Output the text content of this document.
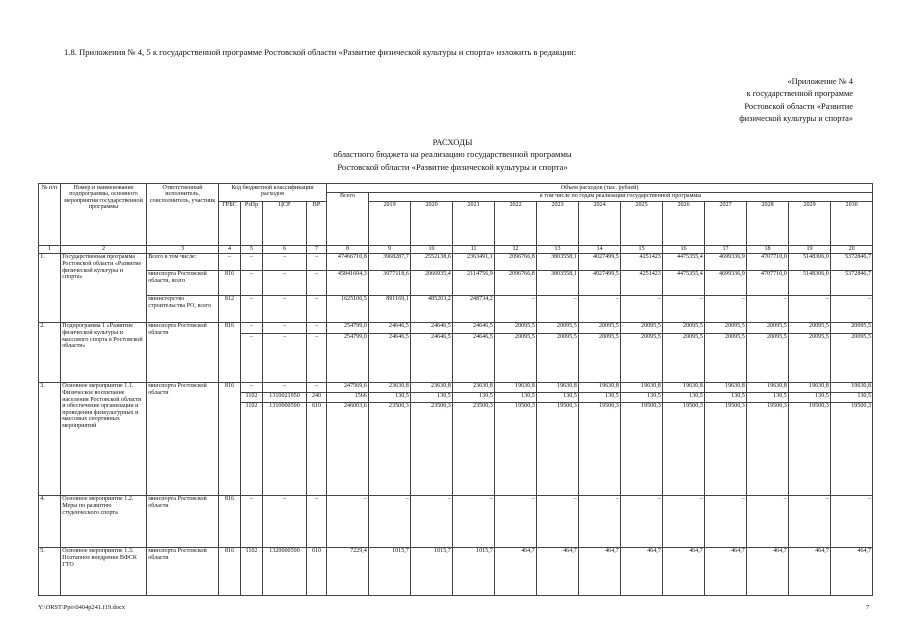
1.8. Приложения № 4, 5 к государственной программе Ростовской области «Развитие физической культуры и спорта» изложить в редакции:
«Приложение № 4
к государственной программе
Ростовской области «Развитие
физической культуры и спорта»
РАСХОДЫ
областного бюджета на реализацию государственной программы
Ростовской области «Развитие физической культуры и спорта»
№ п/п	Номер и наименование подпрограммы, основного мероприятия государственной программы	Ответственный исполнитель, соисполнитель, участник	Код бюджетной классификации расходов				Объем расходов (тыс. рублей)												
							Всего	в том числе по годам реализации государственной программы											
			ГРБС	РзПр	ЦСР	ВР		2019	2020	2021	2022	2023	2024	2025	2026	2027	2028	2029	2030
1	2	3	4	5	6	7	8	9	10	11	12	13	14	15	16	17	18	19	20
1.	Государственная программа Ростовской области «Развитие физической культуры и спорта»	Всего в том числе:	–	–	–	–	47466710,8	3968287,7	2552138,6	2363491,1	2096766,8	3803558,1	4027499,5	4251423	4475355,4	4699336,9	4707710,0	5148306,0	5372846,7
		минспорта Ростовской области, всего	816	–	–	–	45841604,3	3077118,6	2066935,4	2114756,9	2096766,8	3803558,1	4027499,5	4251423	4475355,4	4699336,9	4707710,0	5148306,0	5372846,7
		министерство строительства РО, всего	812	–	–	–	1625106,5	891169,1	485203,2	248734,2	–	–	–	–	–	–	–	–	–
2.	Подпрограмма 1 «Развитие физической культуры и массового спорта в Ростовской области»	минспорта Ростовской области	816	–	–	–	254799,0	24646,5	24646,5	24646,5	20095,5	20095,5	20095,5	20095,5	20095,5	20095,5	20095,5	20095,5	20095,5
				–	–	–	254799,0	24646,5	24646,5	24646,5	20095,5	20095,5	20095,5	20095,5	20095,5	20095,5	20095,5	20095,5	20095,5
3.	Основное мероприятие 1.1. Физическое воспитание населения Ростовской области и обеспечение организации и проведения физкультурных и массовых спортивных мероприятий	минспорта Ростовской области	816	–	–	–	247569,6	23630,8	23630,8	23630,8	19630,8	19630,8	19630,8	19630,8	19630,8	19630,8	19630,8	19630,8	19630,8
				1102	1310021950	240	1566	130,5	130,5	130,5	130,5	130,5	130,5	130,5	130,5	130,5	130,5	130,5	130,5
				1102	1310000590	610	246003,6	23500,3	23500,3	23500,3	19500,3	19500,3	19500,3	19500,3	19500,3	19500,3	19500,3	19500,3	19500,3
4.	Основное мероприятие 1.2. Меры по развитию студенческого спорта	минспорта Ростовской области	816	–	–	–	–	–	–	–	–	–	–	–	–	–	–	–	–
5.	Основное мероприятие 1.3. Поэтапное внедрение ВФСК ГТО	минспорта Ростовской области	816	1102	1320000590	610	7229,4	1015,7	1015,7	1015,7	464,7	464,7	464,7	464,7	464,7	464,7	464,7	464,7	464,7
Y:\ORST\Ppo\0404p241.f19.docx	7
